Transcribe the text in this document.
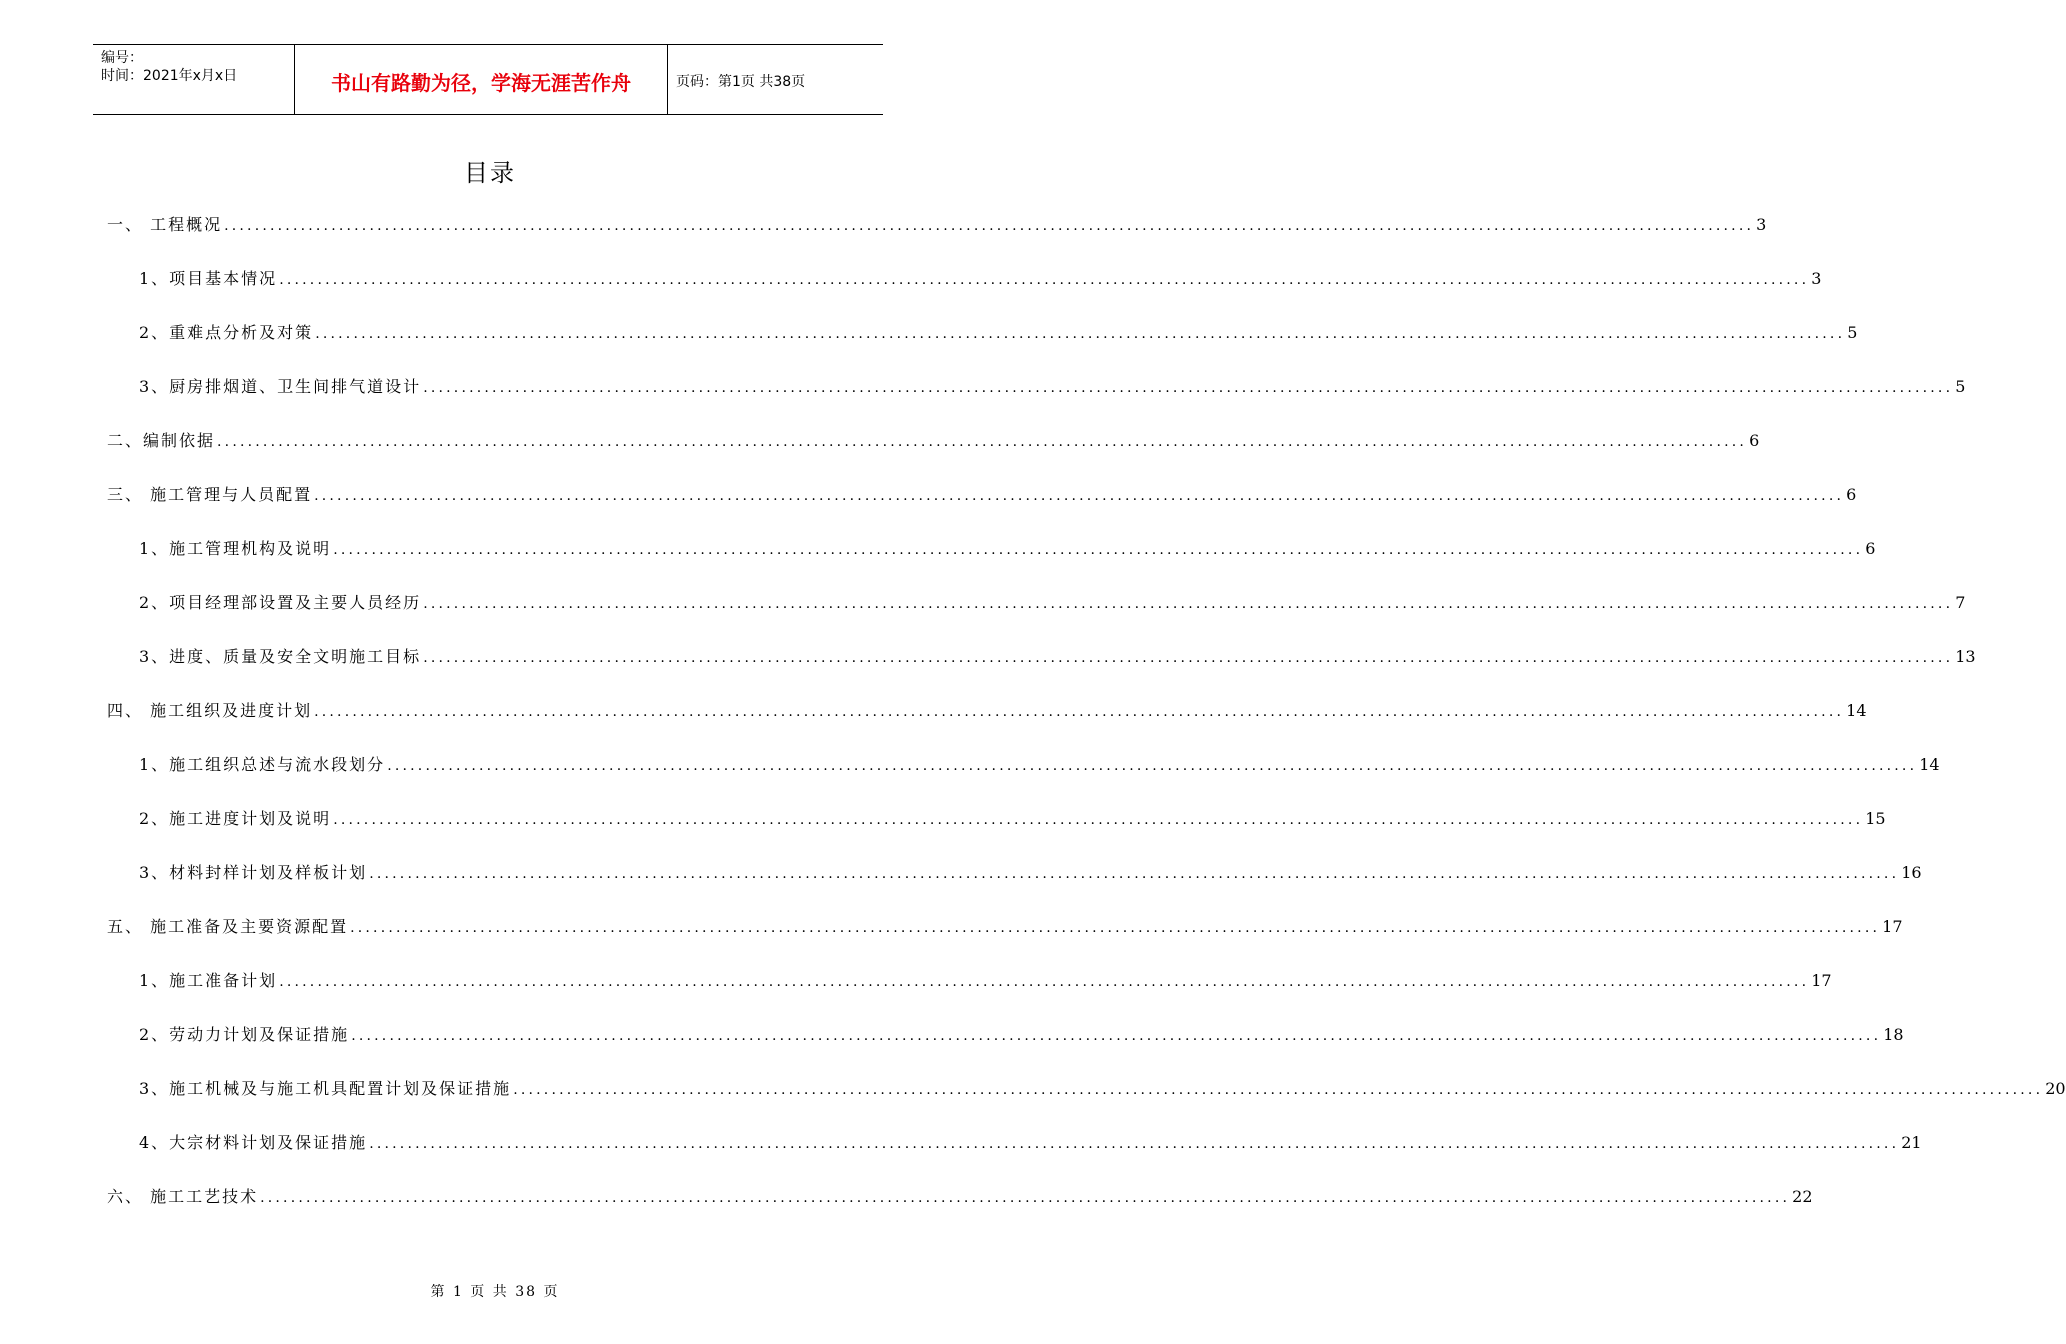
编号：
时间：2021年x月x日	书山有路勤为径，学海无涯苦作舟	页码：第1页 共38页
目录
一、 工程概况 ........................................................................................................................................................................................................ 3
1、项目基本情况 ........................................................................................................................................................................................................ 3
2、重难点分析及对策 ........................................................................................................................................................................................................ 5
3、厨房排烟道、卫生间排气道设计 ........................................................................................................................................................................................................ 5
二、编制依据 ........................................................................................................................................................................................................ 6
三、 施工管理与人员配置 ........................................................................................................................................................................................................ 6
1、施工管理机构及说明 ........................................................................................................................................................................................................ 6
2、项目经理部设置及主要人员经历 ........................................................................................................................................................................................................ 7
3、进度、质量及安全文明施工目标 ........................................................................................................................................................................................................ 13
四、 施工组织及进度计划 ........................................................................................................................................................................................................ 14
1、施工组织总述与流水段划分 ........................................................................................................................................................................................................ 14
2、施工进度计划及说明 ........................................................................................................................................................................................................ 15
3、材料封样计划及样板计划 ........................................................................................................................................................................................................ 16
五、 施工准备及主要资源配置 ........................................................................................................................................................................................................ 17
1、施工准备计划 ........................................................................................................................................................................................................ 17
2、劳动力计划及保证措施 ........................................................................................................................................................................................................ 18
3、施工机械及与施工机具配置计划及保证措施 ........................................................................................................................................................................................................ 20
4、大宗材料计划及保证措施 ........................................................................................................................................................................................................ 21
六、 施工工艺技术 ........................................................................................................................................................................................................ 22
第 1 页 共 38 页
